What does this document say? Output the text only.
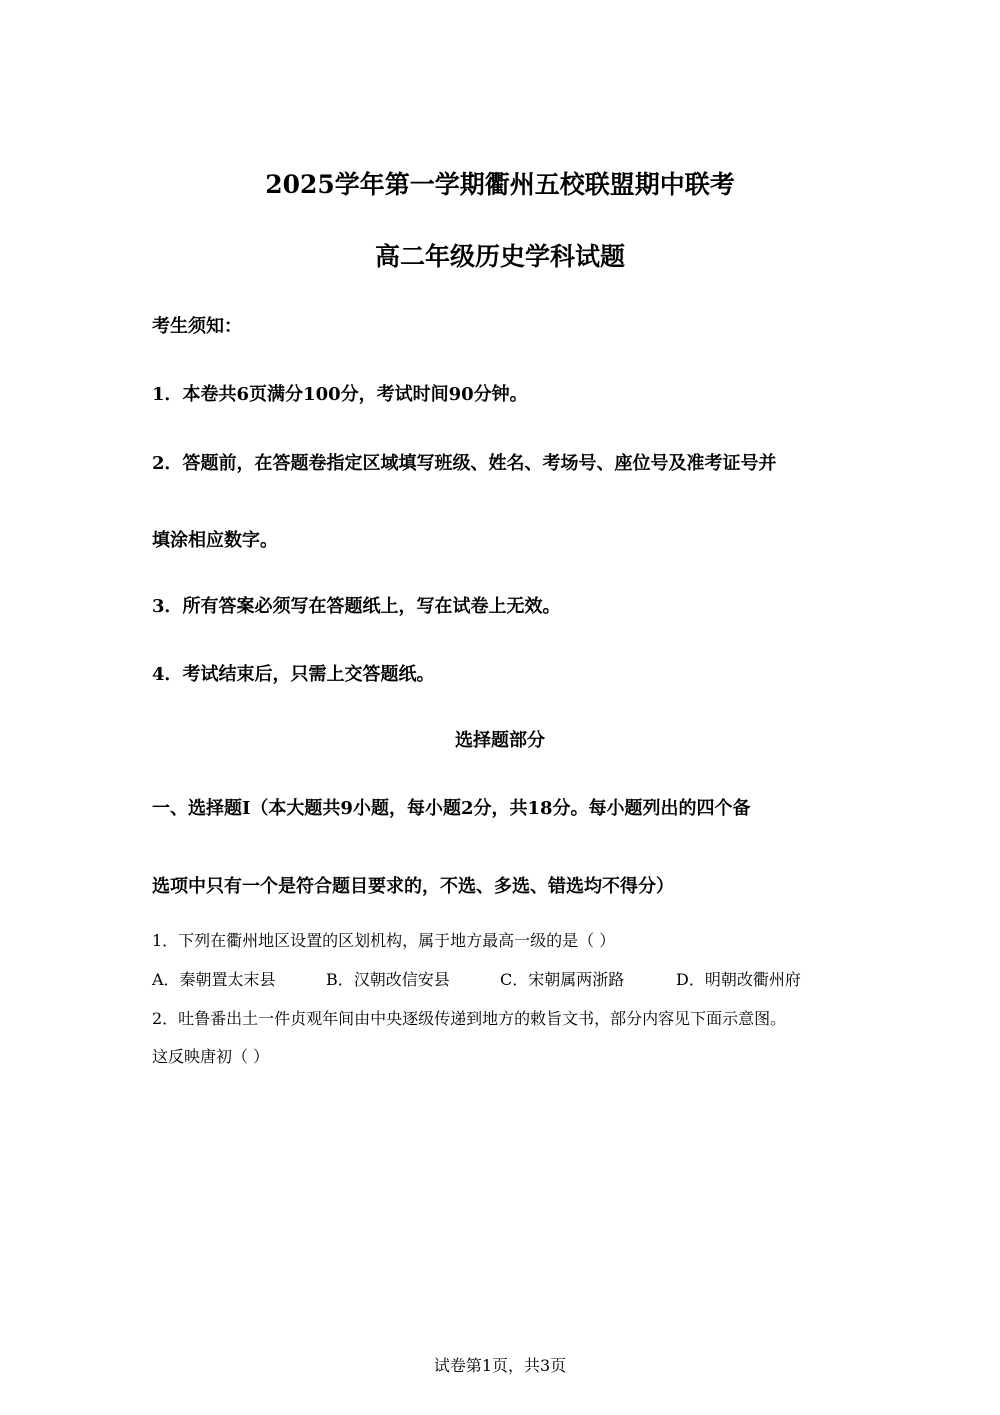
2025学年第一学期衢州五校联盟期中联考
高二年级历史学科试题
考生须知：
1．本卷共6页满分100分，考试时间90分钟。
2．答题前，在答题卷指定区域填写班级、姓名、考场号、座位号及准考证号并
填涂相应数字。
3．所有答案必须写在答题纸上，写在试卷上无效。
4．考试结束后，只需上交答题纸。
选择题部分
一、选择题Ⅰ（本大题共9小题，每小题2分，共18分。每小题列出的四个备
选项中只有一个是符合题目要求的，不选、多选、错选均不得分）
1．下列在衢州地区设置的区划机构，属于地方最高一级的是（ ）
A．秦朝置太末县	B．汉朝改信安县	C．宋朝属两浙路	D．明朝改衢州府
2．吐鲁番出土一件贞观年间由中央逐级传递到地方的敕旨文书，部分内容见下面示意图。
这反映唐初（ ）
试卷第1页，共3页
